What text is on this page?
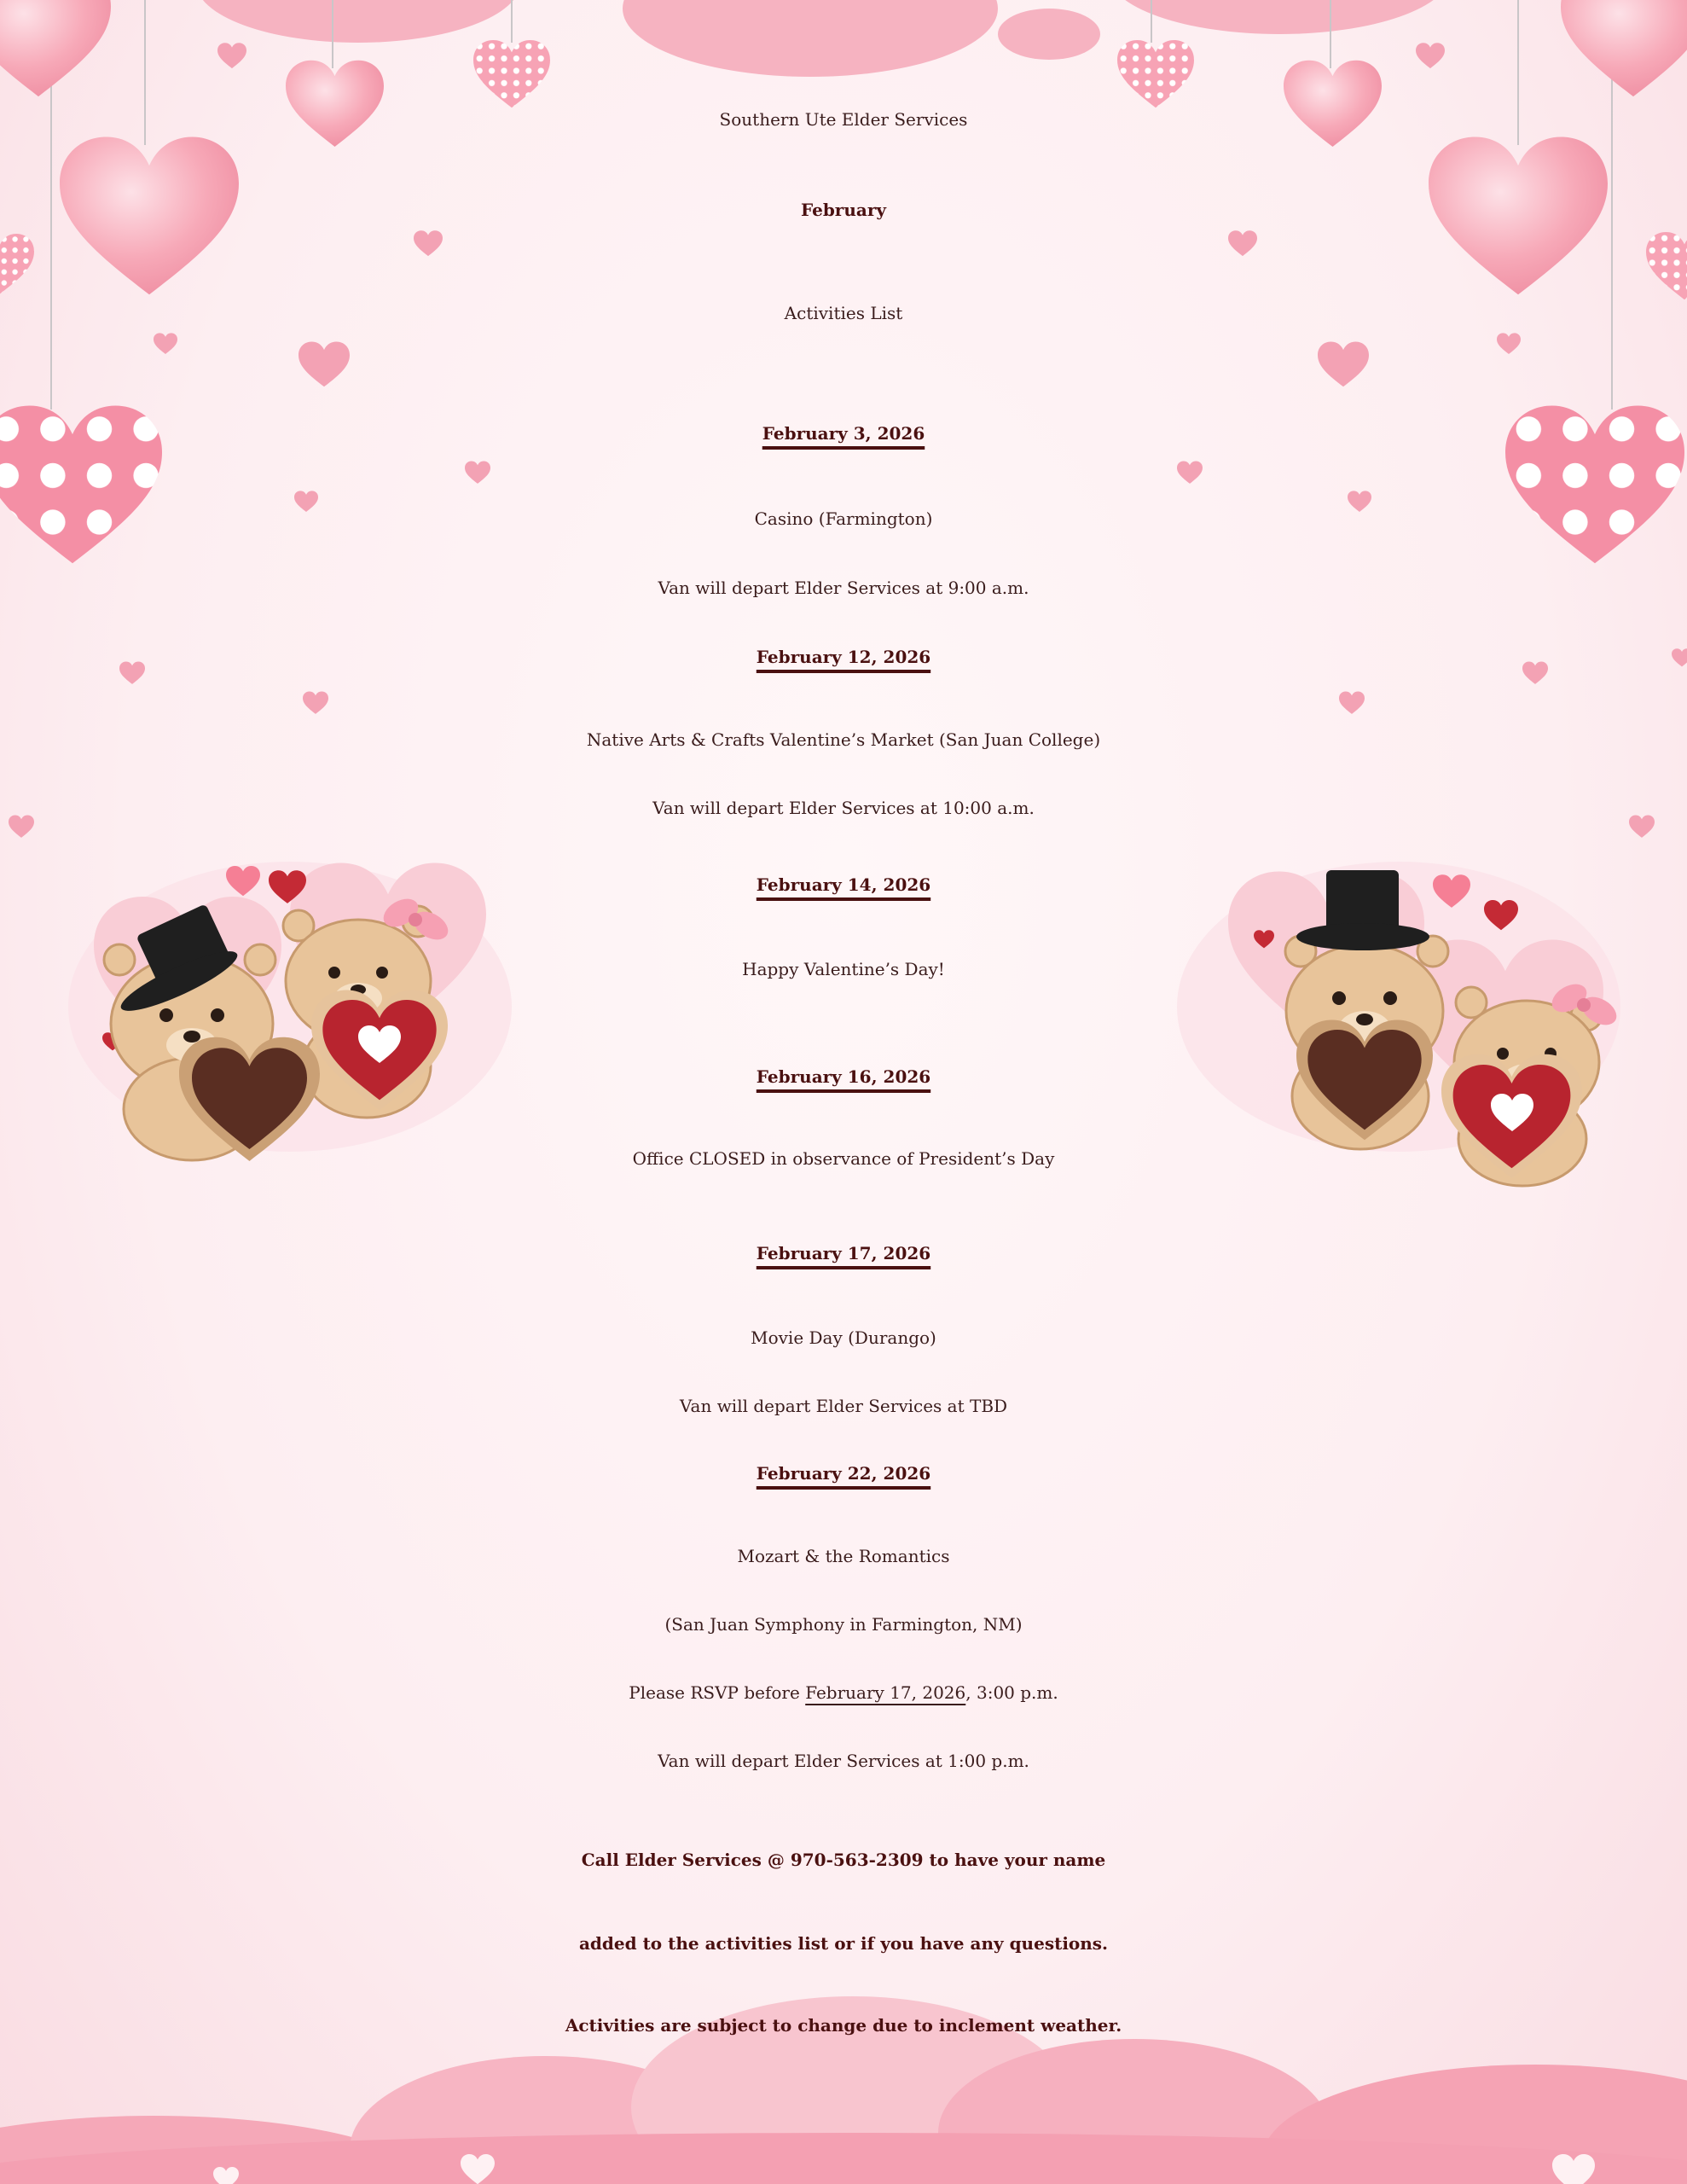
Southern Ute Elder Services
February
Activities List
February 3, 2026
Casino (Farmington)
Van will depart Elder Services at 9:00 a.m.
February 12, 2026
Native Arts & Crafts Valentine’s Market (San Juan College)
Van will depart Elder Services at 10:00 a.m.
February 14, 2026
Happy Valentine’s Day!
February 16, 2026
Office CLOSED in observance of President’s Day
February 17, 2026
Movie Day (Durango)
Van will depart Elder Services at TBD
February 22, 2026
Mozart & the Romantics
(San Juan Symphony in Farmington, NM)
Please RSVP before February 17, 2026, 3:00 p.m.
Van will depart Elder Services at 1:00 p.m.
Call Elder Services @ 970-563-2309 to have your name
added to the activities list or if you have any questions.
Activities are subject to change due to inclement weather.
